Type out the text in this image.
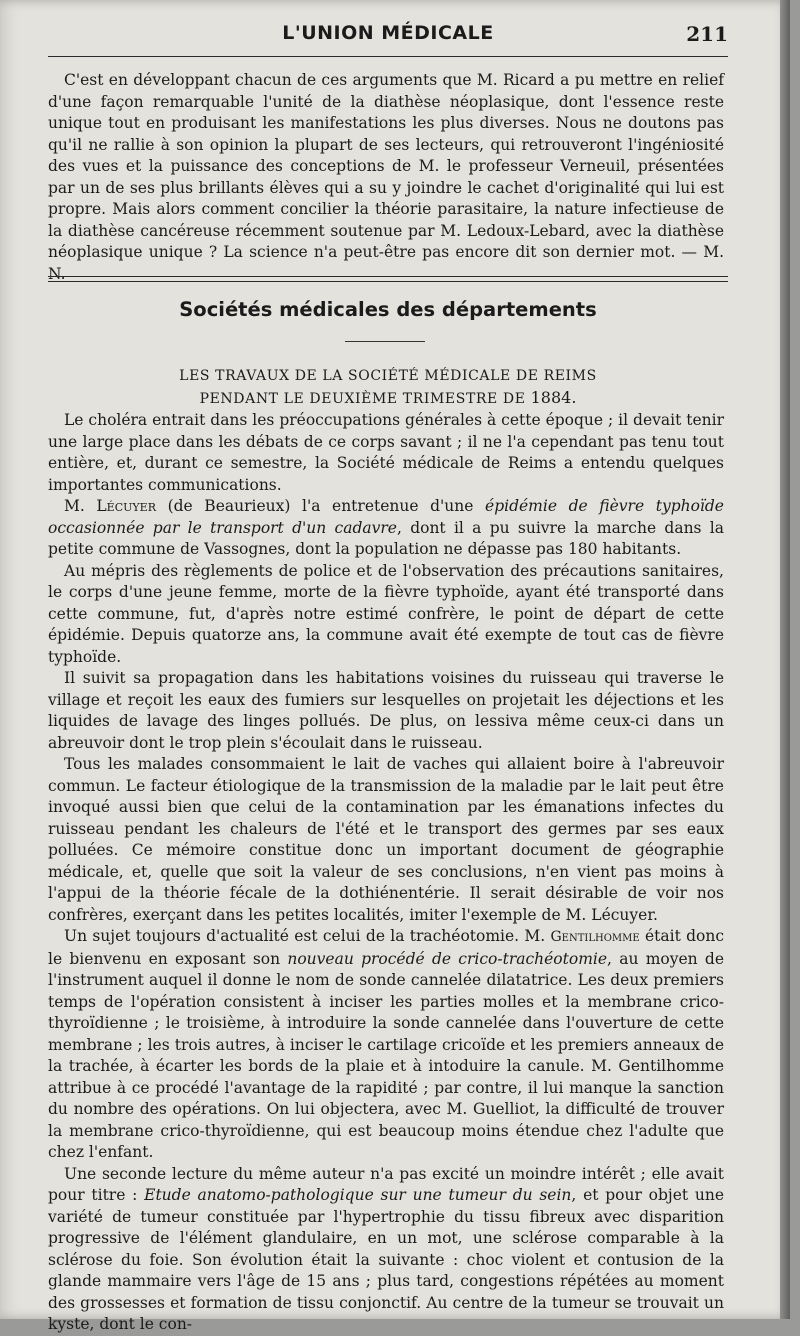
L'UNION MÉDICALE	211

C'est en développant chacun de ces arguments que M. Ricard a pu mettre en relief d'une façon remarquable l'unité de la diathèse néoplasique, dont l'essence reste unique tout en produisant les manifestations les plus diverses. Nous ne doutons pas qu'il ne rallie à son opinion la plupart de ses lecteurs, qui retrouveront l'ingéniosité des vues et la puissance des conceptions de M. le professeur Verneuil, présentées par un de ses plus brillants élèves qui a su y joindre le cachet d'originalité qui lui est propre. Mais alors comment concilier la théorie parasitaire, la nature infectieuse de la diathèse cancéreuse récemment soutenue par M. Ledoux-Lebard, avec la diathèse néoplasique unique ? La science n'a peut-être pas encore dit son dernier mot. — M. N.

Sociétés médicales des départements
LES TRAVAUX DE LA SOCIÉTÉ MÉDICALE DE REIMS
PENDANT LE DEUXIÈME TRIMESTRE DE 1884.

Le choléra entrait dans les préoccupations générales à cette époque ; il devait tenir une large place dans les débats de ce corps savant ; il ne l'a cependant pas tenu tout entière, et, durant ce semestre, la Société médicale de Reims a entendu quelques importantes communications.

M. Lécuyer (de Beaurieux) l'a entretenue d'une épidémie de fièvre typhoïde occasionnée par le transport d'un cadavre, dont il a pu suivre la marche dans la petite commune de Vassognes, dont la population ne dépasse pas 180 habitants.

Au mépris des règlements de police et de l'observation des précautions sanitaires, le corps d'une jeune femme, morte de la fièvre typhoïde, ayant été transporté dans cette commune, fut, d'après notre estimé confrère, le point de départ de cette épidémie. Depuis quatorze ans, la commune avait été exempte de tout cas de fièvre typhoïde.

Il suivit sa propagation dans les habitations voisines du ruisseau qui traverse le village et reçoit les eaux des fumiers sur lesquelles on projetait les déjections et les liquides de lavage des linges pollués. De plus, on lessiva même ceux-ci dans un abreuvoir dont le trop plein s'écoulait dans le ruisseau.

Tous les malades consommaient le lait de vaches qui allaient boire à l'abreuvoir commun. Le facteur étiologique de la transmission de la maladie par le lait peut être invoqué aussi bien que celui de la contamination par les émanations infectes du ruisseau pendant les chaleurs de l'été et le transport des germes par ses eaux polluées. Ce mémoire constitue donc un important document de géographie médicale, et, quelle que soit la valeur de ses conclusions, n'en vient pas moins à l'appui de la théorie fécale de la dothiénentérie. Il serait désirable de voir nos confrères, exerçant dans les petites localités, imiter l'exemple de M. Lécuyer.

Un sujet toujours d'actualité est celui de la trachéotomie. M. Gentilhomme était donc le bienvenu en exposant son nouveau procédé de crico-trachéotomie, au moyen de l'instrument auquel il donne le nom de sonde cannelée dilatatrice. Les deux premiers temps de l'opération consistent à inciser les parties molles et la membrane crico-thyroïdienne ; le troisième, à introduire la sonde cannelée dans l'ouverture de cette membrane ; les trois autres, à inciser le cartilage cricoïde et les premiers anneaux de la trachée, à écarter les bords de la plaie et à intoduire la canule. M. Gentilhomme attribue à ce procédé l'avantage de la rapidité ; par contre, il lui manque la sanction du nombre des opérations. On lui objectera, avec M. Guelliot, la difficulté de trouver la membrane crico-thyroïdienne, qui est beaucoup moins étendue chez l'adulte que chez l'enfant.

Une seconde lecture du même auteur n'a pas excité un moindre intérêt ; elle avait pour titre : Etude anatomo-pathologique sur une tumeur du sein, et pour objet une variété de tumeur constituée par l'hypertrophie du tissu fibreux avec disparition progressive de l'élément glandulaire, en un mot, une sclérose comparable à la sclérose du foie. Son évolution était la suivante : choc violent et contusion de la glande mammaire vers l'âge de 15 ans ; plus tard, congestions répétées au moment des grossesses et formation de tissu conjonctif. Au centre de la tumeur se trouvait un kyste, dont le con-
